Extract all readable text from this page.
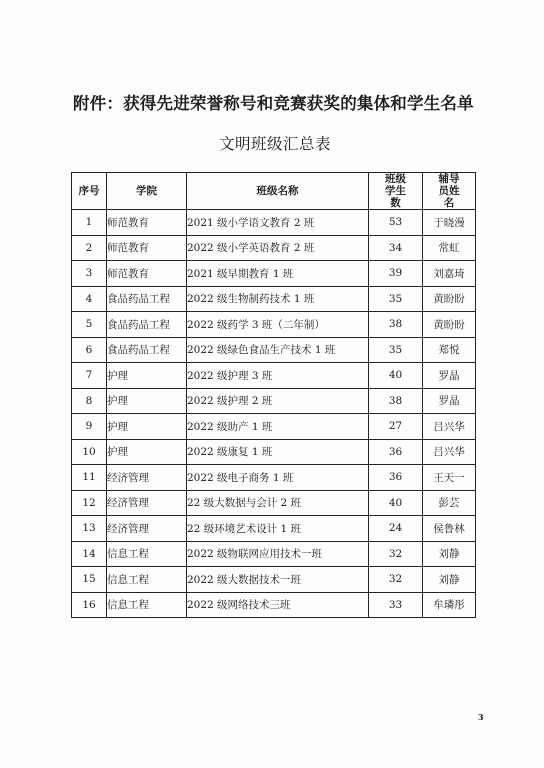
附件：获得先进荣誉称号和竞赛获奖的集体和学生名单
文明班级汇总表
序号	学院	班级名称	班级学生数	辅导员姓名
1	师范教育	2021 级小学语文教育 2 班	53	于晓漫
2	师范教育	2022 级小学英语教育 2 班	34	常虹
3	师范教育	2021 级早期教育 1 班	39	刘嘉琦
4	食品药品工程	2022 级生物制药技术 1 班	35	黄盼盼
5	食品药品工程	2022 级药学 3 班（二年制）	38	黄盼盼
6	食品药品工程	2022 级绿色食品生产技术 1 班	35	郑悦
7	护理	2022 级护理 3 班	40	罗晶
8	护理	2022 级护理 2 班	38	罗晶
9	护理	2022 级助产 1 班	27	吕兴华
10	护理	2022 级康复 1 班	36	吕兴华
11	经济管理	2022 级电子商务 1 班	36	王天一
12	经济管理	22 级大数据与会计 2 班	40	彭芸
13	经济管理	22 级环境艺术设计 1 班	24	侯鲁林
14	信息工程	2022 级物联网应用技术一班	32	刘静
15	信息工程	2022 级大数据技术一班	32	刘静
16	信息工程	2022 级网络技术三班	33	牟璘彤
3
